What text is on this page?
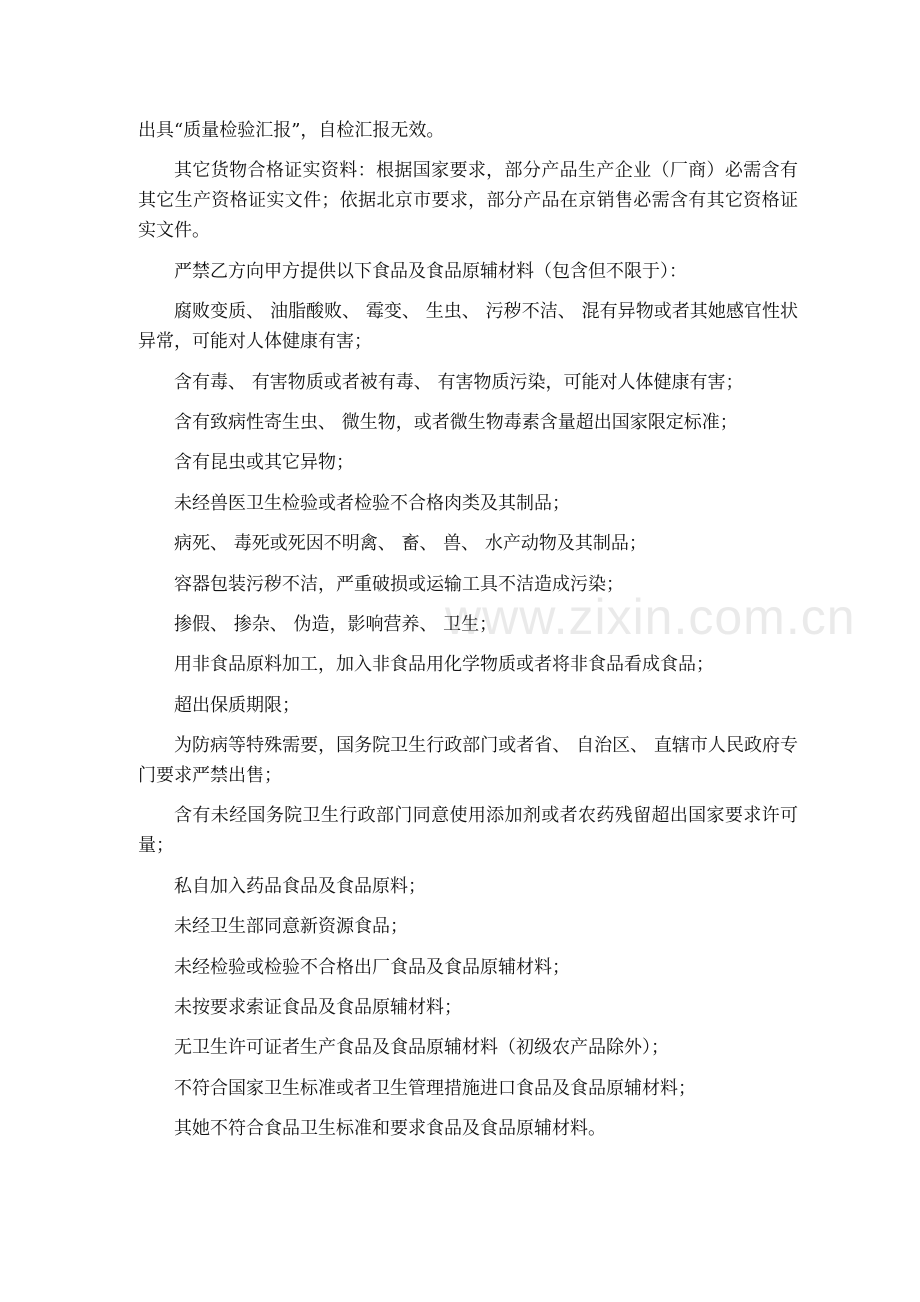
出具“质量检验汇报”，自检汇报无效。

其它货物合格证实资料：根据国家要求，部分产品生产企业（厂商）必需含有其它生产资格证实文件；依据北京市要求，部分产品在京销售必需含有其它资格证实文件。

严禁乙方向甲方提供以下食品及食品原辅材料（包含但不限于）：

腐败变质、 油脂酸败、 霉变、 生虫、 污秽不洁、 混有异物或者其她感官性状异常，可能对人体健康有害；

含有毒、 有害物质或者被有毒、 有害物质污染，可能对人体健康有害；

含有致病性寄生虫、 微生物，或者微生物毒素含量超出国家限定标准；

含有昆虫或其它异物；

未经兽医卫生检验或者检验不合格肉类及其制品；

病死、 毒死或死因不明禽、 畜、 兽、 水产动物及其制品；

容器包装污秽不洁，严重破损或运输工具不洁造成污染；

掺假、 掺杂、 伪造，影响营养、 卫生；

用非食品原料加工，加入非食品用化学物质或者将非食品看成食品；

超出保质期限；

为防病等特殊需要，国务院卫生行政部门或者省、 自治区、 直辖市人民政府专门要求严禁出售；

含有未经国务院卫生行政部门同意使用添加剂或者农药残留超出国家要求许可量；

私自加入药品食品及食品原料；

未经卫生部同意新资源食品；

未经检验或检验不合格出厂食品及食品原辅材料；

未按要求索证食品及食品原辅材料；

无卫生许可证者生产食品及食品原辅材料（初级农产品除外）；

不符合国家卫生标准或者卫生管理措施进口食品及食品原辅材料；

其她不符合食品卫生标准和要求食品及食品原辅材料。

www.zixin.com.cn
